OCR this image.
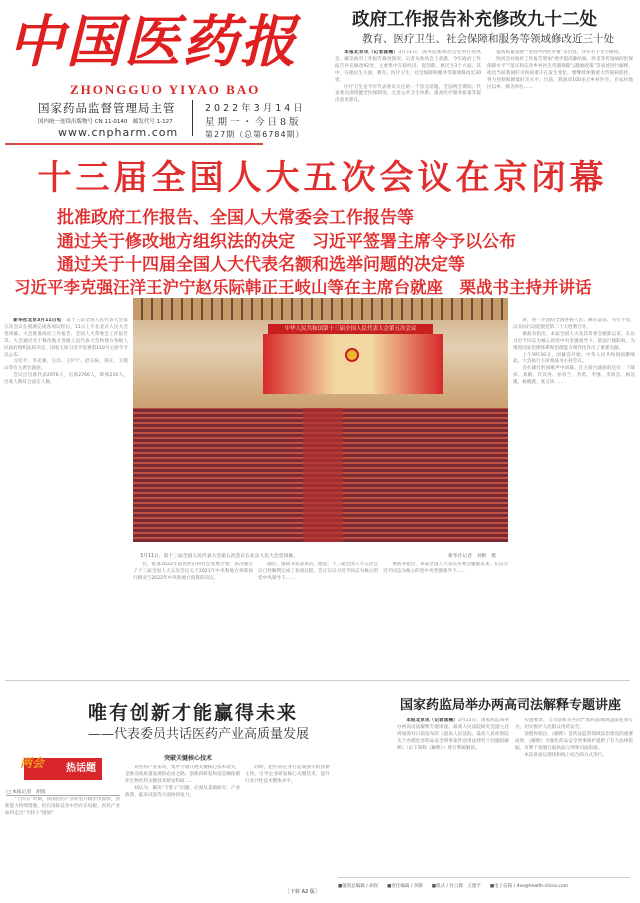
中国医药报
ZHONGGUO YIYAO BAO
国家药品监督管理局主管
国内统一连续出版物号 CN 11-0140　邮发代号 1-127
www.cnpharm.com
2022年3月14日
星期一・今日8版
第27期（总第6784期）
政府工作报告补充修改九十二处
教育、医疗卫生、社会保障和服务等领域修改近三十处

本报北京讯（记者落楠）3月11日，国务院新闻办公室举行吹风会，解读政府工作报告修改情况。记者从吹风会上获悉，今年政府工作报告补充修改92处，主要集中在稳经济、促创新、惠民生3个方面。其中，在惠民生方面，教育、医疗卫生、社会保障和服务等领域修改近30处。

医疗卫生是今年代表委员关注的一个焦点话题。全国两会期间，代表委员围绕健全医保制度、完善公共卫生体系、提高医疗服务质量等提出意见建议。

提高质量发展”“坚持中西医并重”等内容，并作若干文字修改。

吹风会对政府工作报告增加“逐步提高肺结核、肝炎等传染病的医保保障水平”“落实和完善乡村医生待遇保障与激励政策”等表述进行解释，指出当前我国肝炎疾病谱正在发生变化，要继续加强重大传染病防控，努力控制和降低肝炎水平。目前，我国有100多万乡村医生，在农村地区以乡、镇为单位……

十三届全国人大五次会议在京闭幕
批准政府工作报告、全国人大常委会工作报告等
通过关于修改地方组织法的决定　习近平签署主席令予以公布
通过关于十四届全国人大代表名额和选举问题的决定等
习近平李克强汪洋王沪宁赵乐际韩正王岐山等在主席台就座　栗战书主持并讲话

新华社北京3月11日电　 第十三届全国人民代表大会第五次会议在圆满完成各项议程后，11日上午在北京人民大会堂闭幕。大会批准政府工作报告、全国人大常委会工作报告等。大会通过关于修改地方各级人民代表大会和地方各级人民政府组织法的决定。国家主席习近平签署第110号主席令予以公布。

习近平、李克强、汪洋、王沪宁、赵乐际、韩正、王岐山等在主席台就座。

会议应出席代表2976人，出席2766人，缺席210人，出席人数符合法定人数。

中华人民共和国第十三届全国人民代表大会第五次会议
3月11日，第十三届全国人民代表大会第五次会议在北京人民大会堂闭幕。	新华社记者　刘彬　摄

台，批准2022年国民经济和社会发展计划；表决通过了十三届全国人大五次会议关于2021年中央和地方预算执行情况与2022年中央和地方预算的决议。

随后，栗战书发表讲话。他说，十三届全国人大五次会议已经顺利完成了各项议程。会议在以习近平同志为核心的党中央领导下……

栗战书指出，本届全国人大及其常委会履职以来，在以习近平同志为核心的党中央坚强领导下……

讲，进一步团结全国各族人民，踔厉奋发、笃行不怠，以实际行动迎接党的二十大胜利召开。

栗战书指出，本届全国人大及其常委会履职以来，在以习近平同志为核心的党中央坚强领导下，依法行使职权，为推进国家治理体系和治理能力现代化作出了重要贡献。

上午9时30分，闭幕会开始。中华人民共和国国歌响起。大会执行主席栗战书主持会议。

会在雄壮的国歌声中闭幕。在主席台就座的还有：丁薛祥、刘鹤、许其亮、孙春兰、李希、李强、李鸿忠、杨洁篪、杨晓渡、张又侠……

唯有创新才能赢得未来
——代表委员共话医药产业高质量发展
两会 热话题
□ 本报记者　胡钗
突破关键核心技术

“十四五”时期，我国医药产业转型升级步伐加快，创新能力持续增强，但在国际竞争中仍存在短板。医药产业如何走出“卡脖子”困境？

对医药产业来说，集中力量开展关键核心技术攻关，是推动高质量发展的必由之路。创新药研发科技是确保循环生物医药关键技术研发科研……

初认为，解决“卡脖子”问题，必须从基础研究、产业政策、临床试验等方面协同发力。

同时，把医药企业打造成强大的创新主体，引导企业研发核心关键技术，提升行业共性技术整体水平。

［下转 A2 版］
国家药监局举办两高司法解释专题讲座

本报北京讯（记者落楠）3月11日，国家药监局举办两高司法解释专题讲座。最高人民法院研究室副主任周加海对日前发布的《最高人民法院、最高人民检察院关于办理危害药品安全刑事案件适用法律若干问题的解释》（以下简称《解释》）进行系统解读。

实施要求，与司法机关共同严惩药品领域违法犯罪行为，切实维护人民群众用药安全。

徐胜和指出，《解释》是药品监管领域法治建设的重要成果，《解释》为强化药品安全刑事保护提供了有力法律依据，有利于加强行政执法与刑事司法衔接。

本次讲座以现场和线上结合的方式进行。

■值班总编辑 / 胡钗 ■责任编辑 / 李静 ■版式 / 付云鹿　王建平 ■电子信箱 / dxs@health-china.com
